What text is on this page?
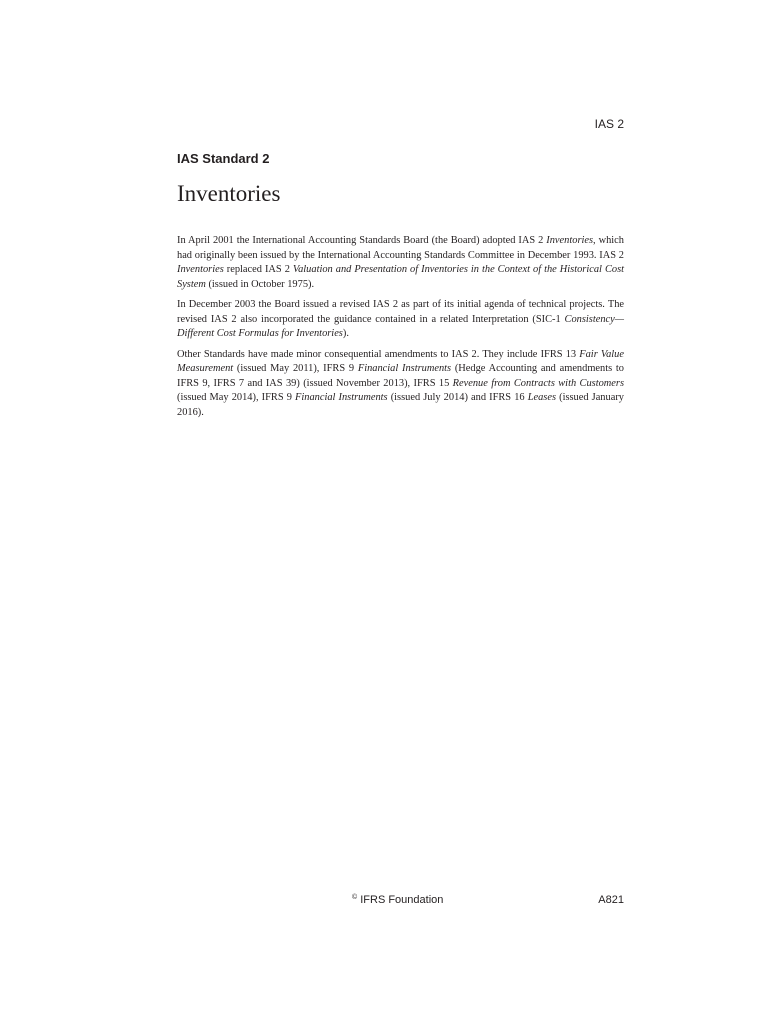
IAS 2
IAS Standard 2
Inventories

In April 2001 the International Accounting Standards Board (the Board) adopted IAS 2 Inventories, which had originally been issued by the International Accounting Standards Committee in December 1993. IAS 2 Inventories replaced IAS 2 Valuation and Presentation of Inventories in the Context of the Historical Cost System (issued in October 1975).

In December 2003 the Board issued a revised IAS 2 as part of its initial agenda of technical projects. The revised IAS 2 also incorporated the guidance contained in a related Interpretation (SIC-1 Consistency—Different Cost Formulas for Inventories).

Other Standards have made minor consequential amendments to IAS 2. They include IFRS 13 Fair Value Measurement (issued May 2011), IFRS 9 Financial Instruments (Hedge Accounting and amendments to IFRS 9, IFRS 7 and IAS 39) (issued November 2013), IFRS 15 Revenue from Contracts with Customers (issued May 2014), IFRS 9 Financial Instruments (issued July 2014) and IFRS 16 Leases (issued January 2016).

© IFRS Foundation	A821
